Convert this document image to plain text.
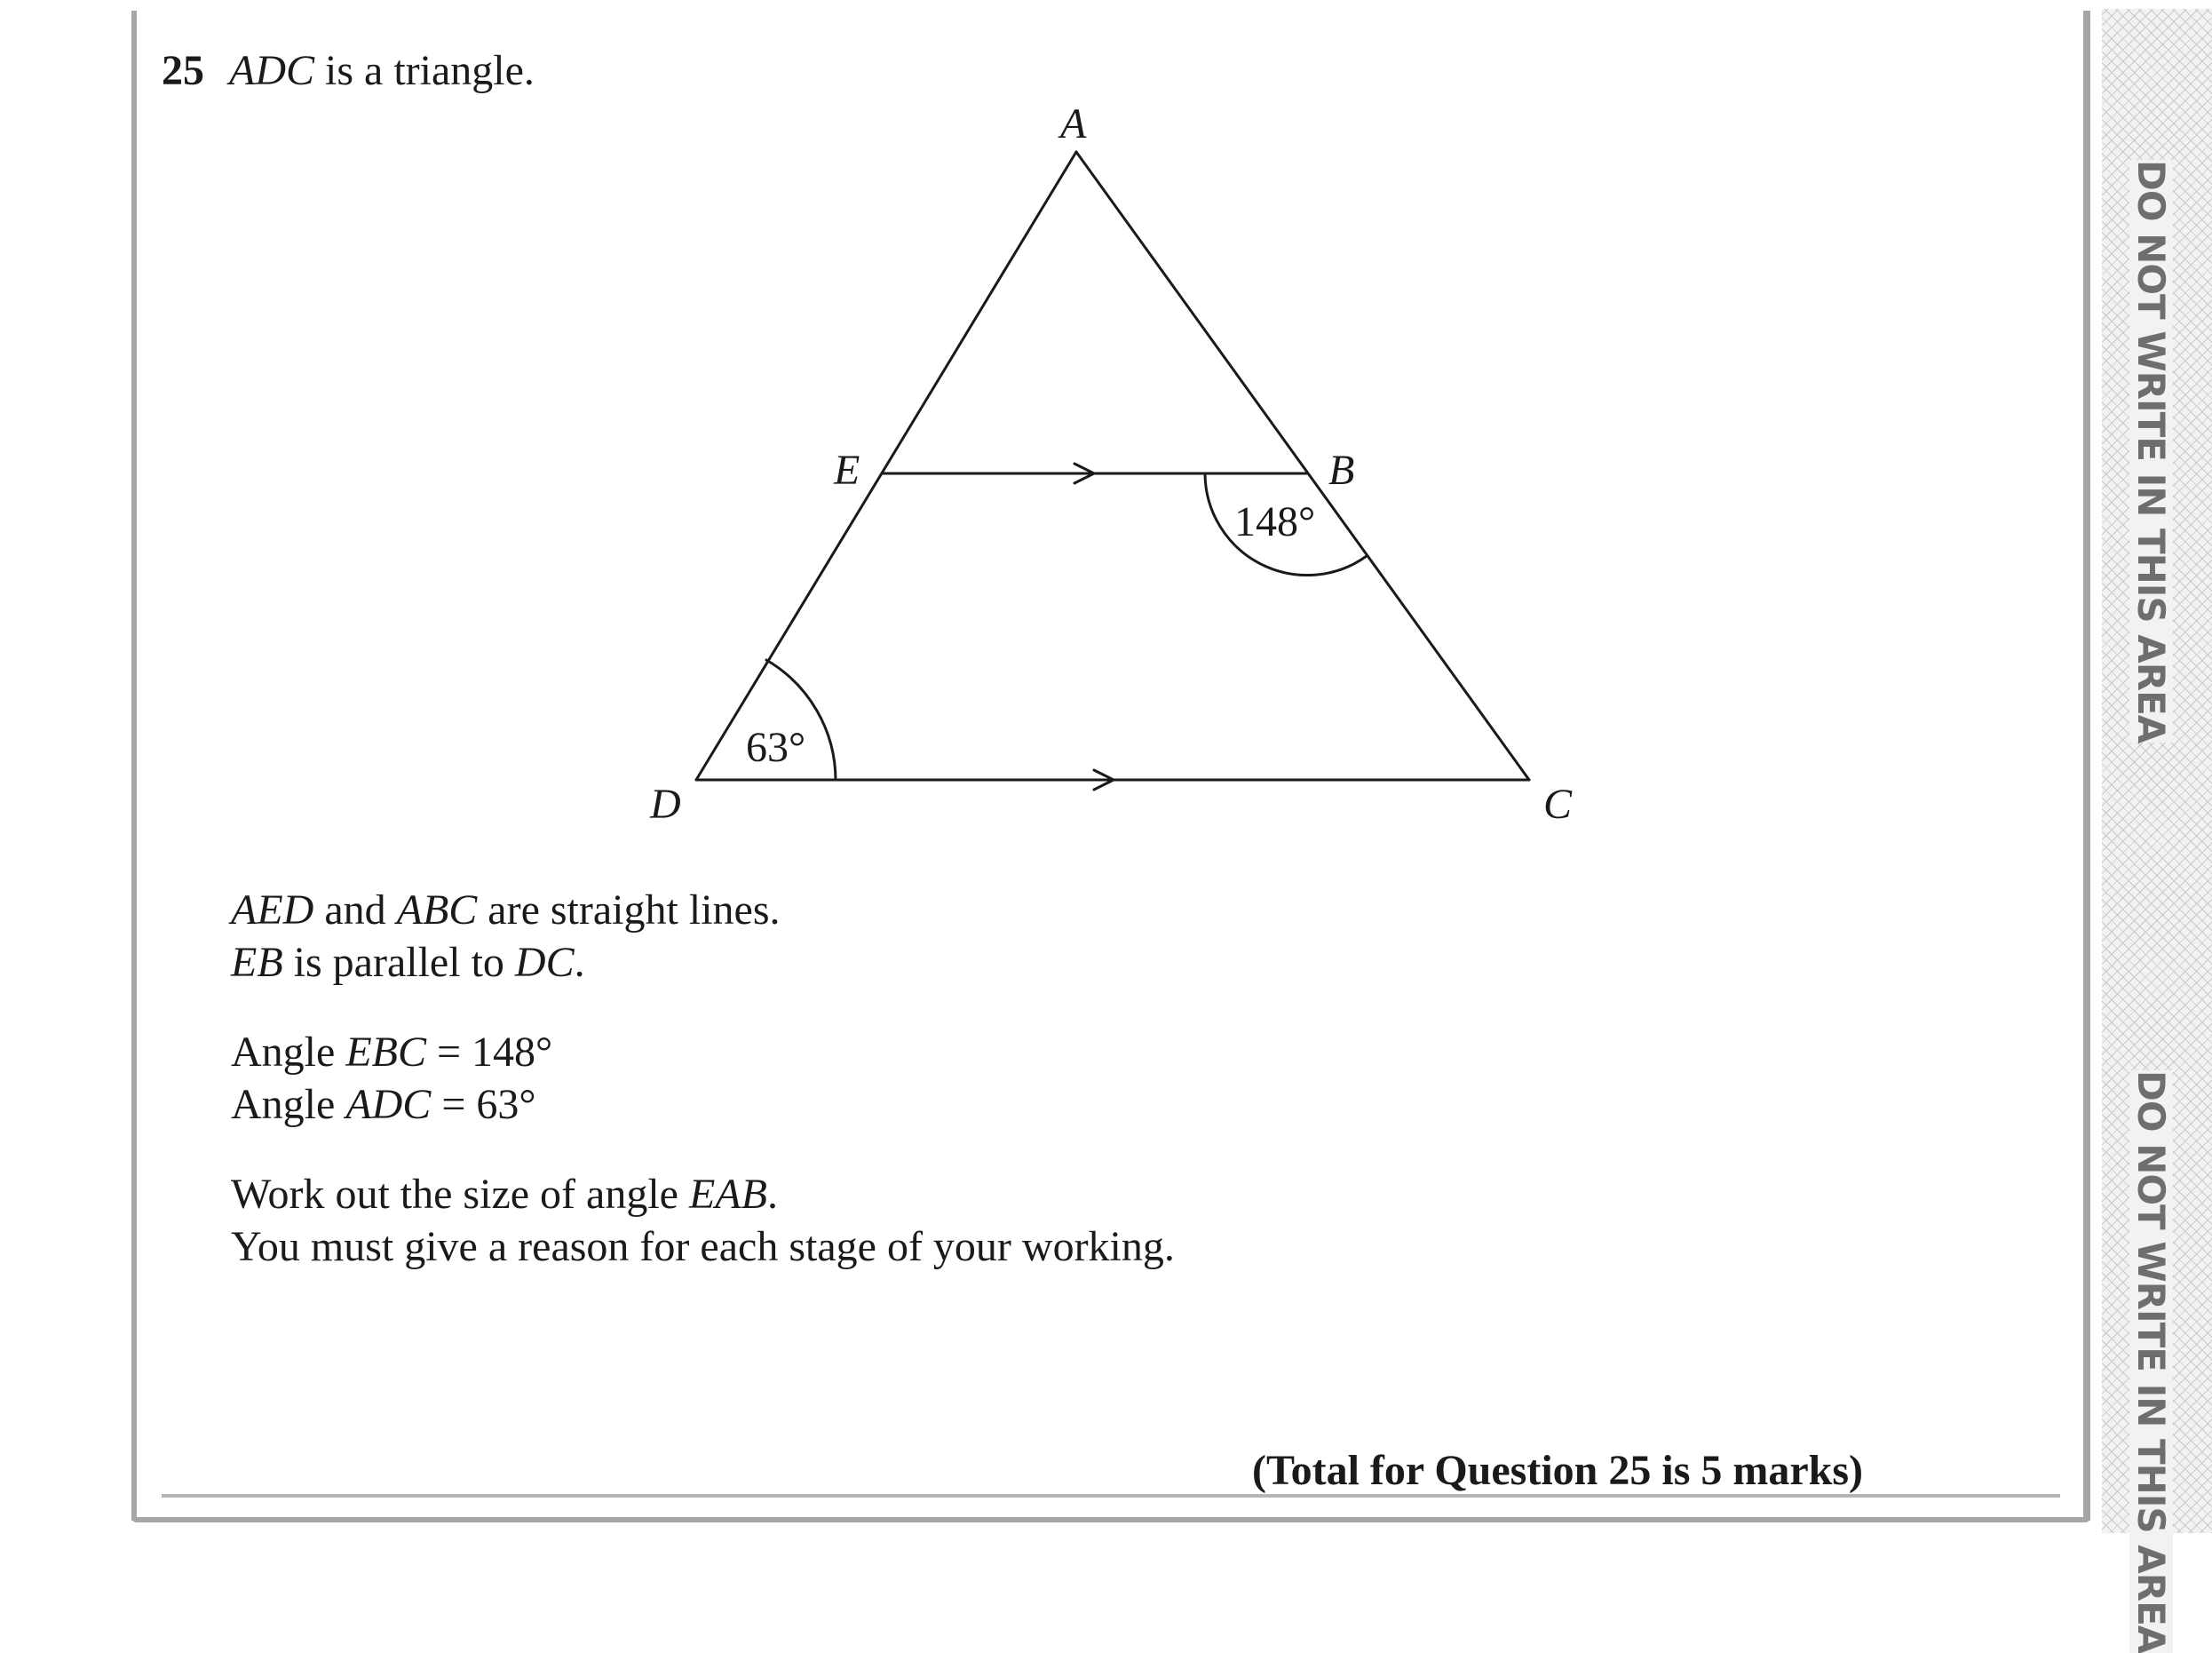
DO NOT WRITE IN THIS AREA
DO NOT WRITE IN THIS AREA
25 ADC is a triangle.
A
E	B
D	C
148°
63°
AED and ABC are straight lines.
EB is parallel to DC.
Angle EBC = 148°
Angle ADC = 63°
Work out the size of angle EAB.
You must give a reason for each stage of your working.
(Total for Question 25 is 5 marks)
